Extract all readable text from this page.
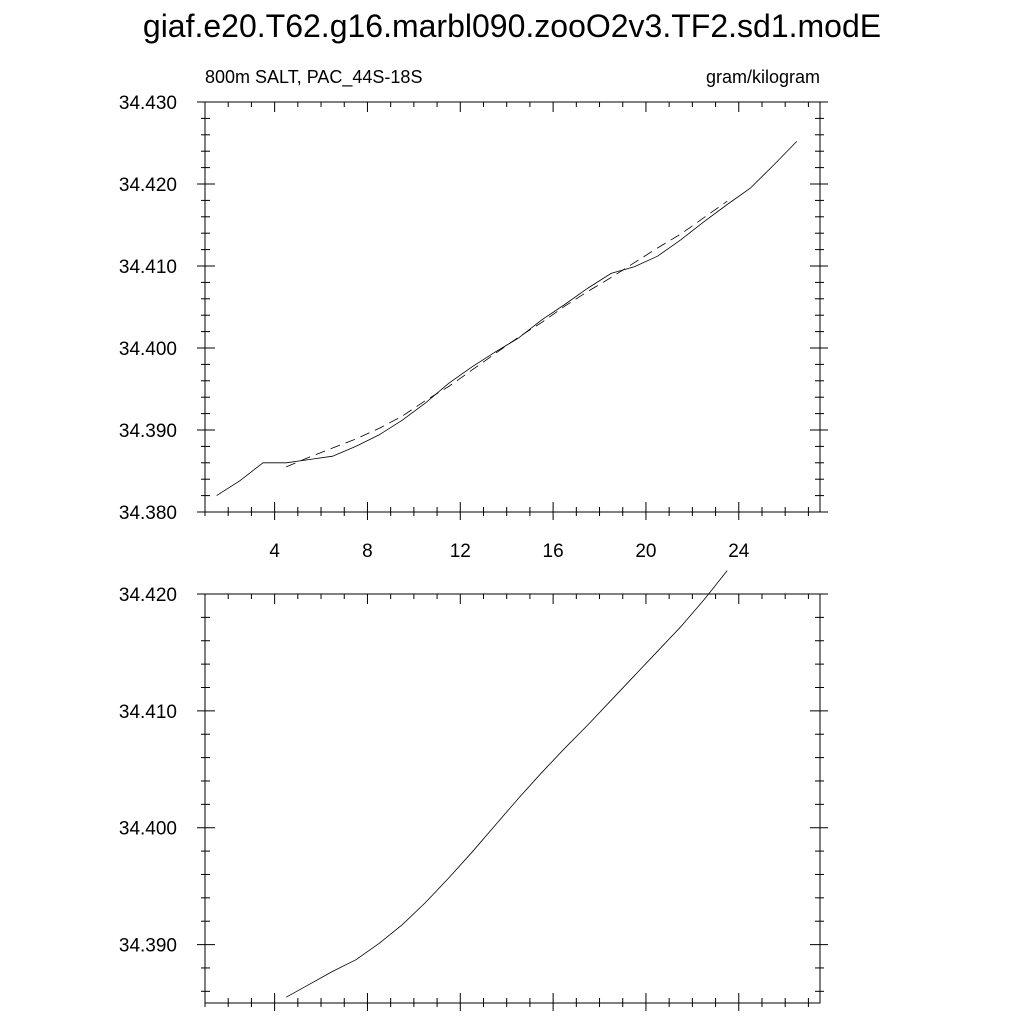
giaf.e20.T62.g16.marbl090.zooO2v3.TF2.sd1.modE
4	8	12	16	20	24
34.380
34.390
34.400
34.410
34.420
34.430
800m SALT, PAC_44S-18S	gram/kilogram
34.390
34.400
34.410
34.420
